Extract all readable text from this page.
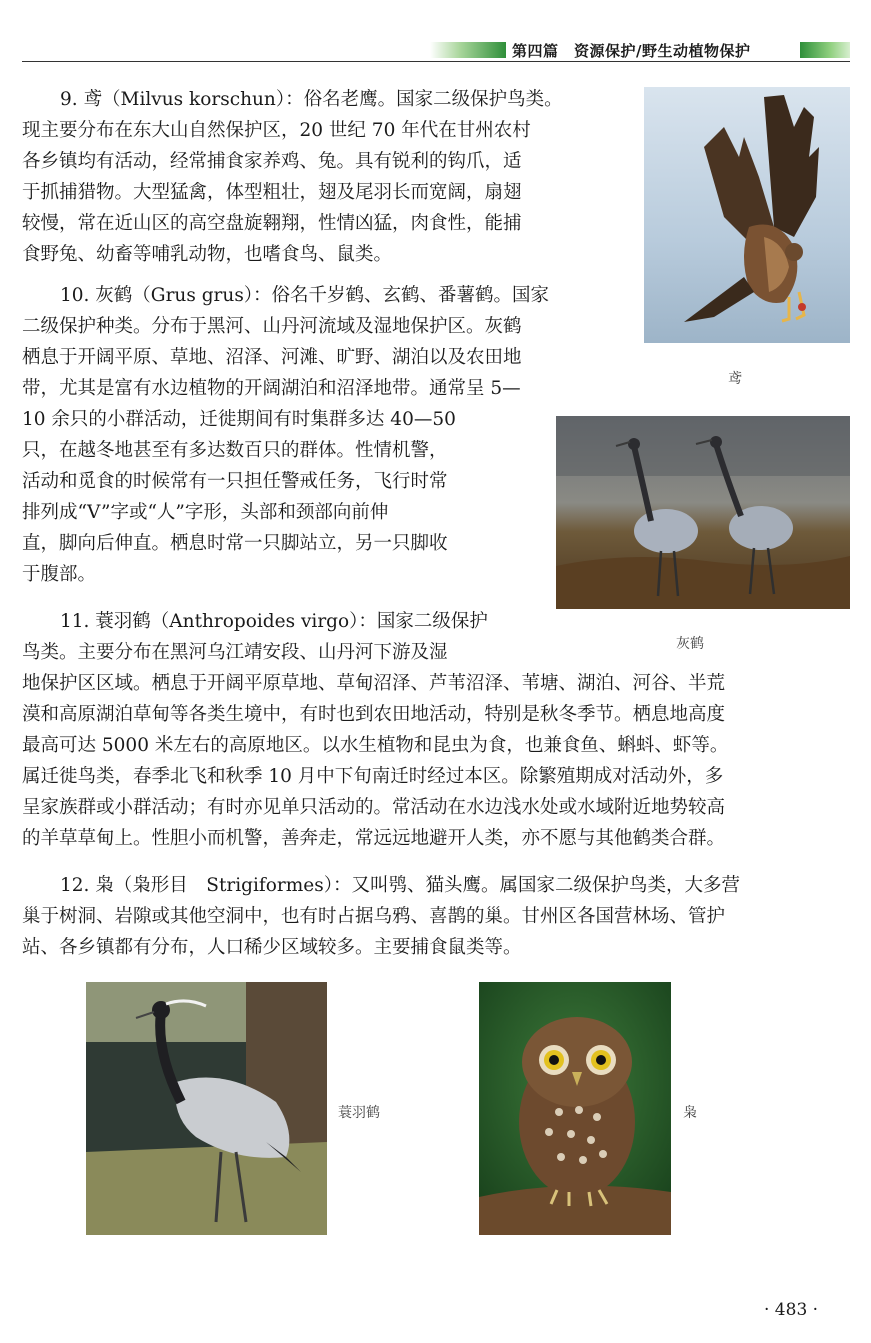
第四篇　资源保护/野生动植物保护
9. 鸢（Milvus korschun）：俗名老鹰。国家二级保护鸟类。
现主要分布在东大山自然保护区，20 世纪 70 年代在甘州农村
各乡镇均有活动，经常捕食家养鸡、兔。具有锐利的钩爪，适
于抓捕猎物。大型猛禽，体型粗壮，翅及尾羽长而宽阔，扇翅
较慢，常在近山区的高空盘旋翱翔，性情凶猛，肉食性，能捕
食野兔、幼畜等哺乳动物，也嗜食鸟、鼠类。
10. 灰鹤（Grus grus）：俗名千岁鹤、玄鹤、番薯鹤。国家
二级保护种类。分布于黑河、山丹河流域及湿地保护区。灰鹤
栖息于开阔平原、草地、沼泽、河滩、旷野、湖泊以及农田地
带，尤其是富有水边植物的开阔湖泊和沼泽地带。通常呈 5—
10 余只的小群活动，迁徙期间有时集群多达 40—50
只，在越冬地甚至有多达数百只的群体。性情机警，
活动和觅食的时候常有一只担任警戒任务，飞行时常
排列成“V”字或“人”字形，头部和颈部向前伸
直，脚向后伸直。栖息时常一只脚站立，另一只脚收
于腹部。
11. 蓑羽鹤（Anthropoides virgo）：国家二级保护
鸟类。主要分布在黑河乌江靖安段、山丹河下游及湿
地保护区区域。栖息于开阔平原草地、草甸沼泽、芦苇沼泽、苇塘、湖泊、河谷、半荒
漠和高原湖泊草甸等各类生境中，有时也到农田地活动，特别是秋冬季节。栖息地高度
最高可达 5000 米左右的高原地区。以水生植物和昆虫为食，也兼食鱼、蝌蚪、虾等。
属迁徙鸟类，春季北飞和秋季 10 月中下旬南迁时经过本区。除繁殖期成对活动外，多
呈家族群或小群活动；有时亦见单只活动的。常活动在水边浅水处或水域附近地势较高
的羊草草甸上。性胆小而机警，善奔走，常远远地避开人类，亦不愿与其他鹤类合群。
12. 枭（枭形目　Strigiformes）：又叫鸮、猫头鹰。属国家二级保护鸟类，大多营
巢于树洞、岩隙或其他空洞中，也有时占据乌鸦、喜鹊的巢。甘州区各国营林场、管护
站、各乡镇都有分布，人口稀少区域较多。主要捕食鼠类等。
鸢
灰鹤
蓑羽鹤	枭
· 483 ·
